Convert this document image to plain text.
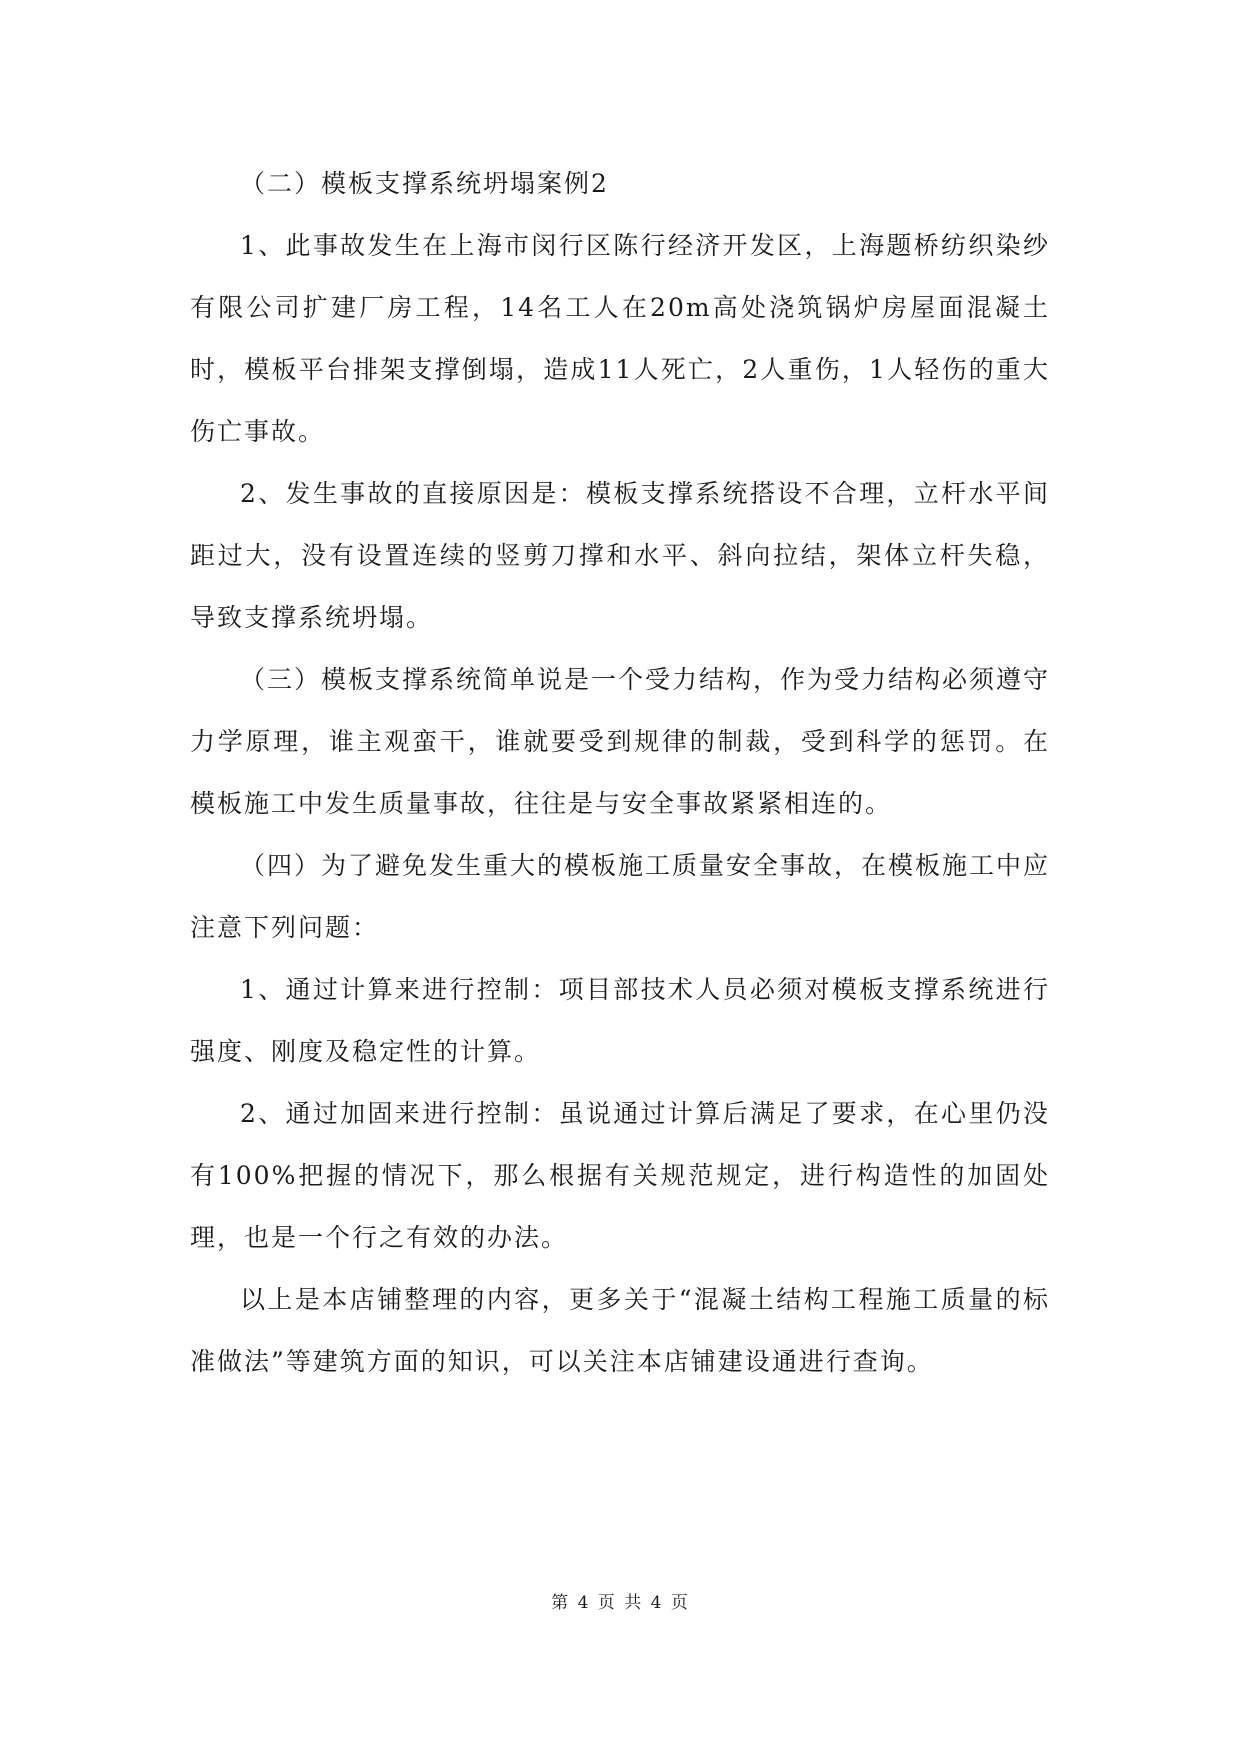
（二）模板支撑系统坍塌案例2

1、此事故发生在上海市闵行区陈行经济开发区，上海题桥纺织染纱有限公司扩建厂房工程，14名工人在20m高处浇筑锅炉房屋面混凝土时，模板平台排架支撑倒塌，造成11人死亡，2人重伤，1人轻伤的重大伤亡事故。

2、发生事故的直接原因是：模板支撑系统搭设不合理，立杆水平间距过大，没有设置连续的竖剪刀撑和水平、斜向拉结，架体立杆失稳，导致支撑系统坍塌。

（三）模板支撑系统简单说是一个受力结构，作为受力结构必须遵守力学原理，谁主观蛮干，谁就要受到规律的制裁，受到科学的惩罚。在模板施工中发生质量事故，往往是与安全事故紧紧相连的。

（四）为了避免发生重大的模板施工质量安全事故，在模板施工中应注意下列问题：

1、通过计算来进行控制：项目部技术人员必须对模板支撑系统进行强度、刚度及稳定性的计算。

2、通过加固来进行控制：虽说通过计算后满足了要求，在心里仍没有100%把握的情况下，那么根据有关规范规定，进行构造性的加固处理，也是一个行之有效的办法。

以上是本店铺整理的内容，更多关于“混凝土结构工程施工质量的标准做法”等建筑方面的知识，可以关注本店铺建设通进行查询。

第 4 页 共 4 页
